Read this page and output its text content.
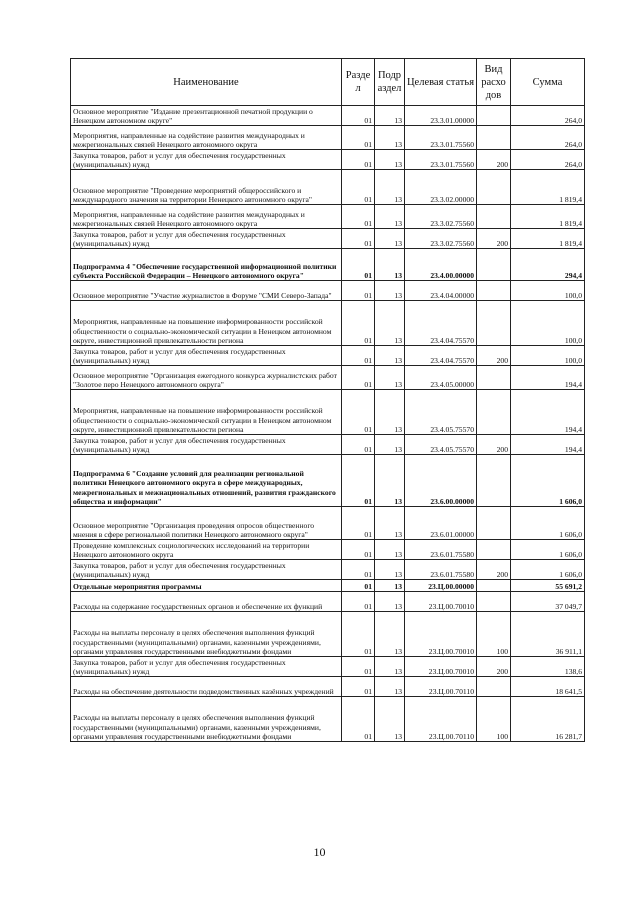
Наименование	Разде л	Подр аздел	Целевая статья	Вид расхо дов	Сумма
Основное мероприятие "Издание презентационной печатной продукции о Ненецком автономном округе"	01	13	23.3.01.00000		264,0
Мероприятия, направленные на содействие развития международных и межрегиональных связей Ненецкого автономного округа	01	13	23.3.01.75560		264,0
Закупка товаров, работ и услуг для обеспечения государственных (муниципальных) нужд	01	13	23.3.01.75560	200	264,0
Основное мероприятие "Проведение мероприятий общероссийского и международного значения на территории Ненецкого автономного округа"	01	13	23.3.02.00000		1 819,4
Мероприятия, направленные на содействие развития международных и межрегиональных связей Ненецкого автономного округа	01	13	23.3.02.75560		1 819,4
Закупка товаров, работ и услуг для обеспечения государственных (муниципальных) нужд	01	13	23.3.02.75560	200	1 819,4
Подпрограмма 4 "Обеспечение государственной информационной политики субъекта Российской Федерации – Ненецкого автономного округа"	01	13	23.4.00.00000		294,4
Основное мероприятие "Участие журналистов в Форуме "СМИ Северо-Запада"	01	13	23.4.04.00000		100,0
Мероприятия, направленные на повышение информированности российской общественности о социально-экономической ситуации в Ненецком автономном округе, инвестиционной привлекательности региона	01	13	23.4.04.75570		100,0
Закупка товаров, работ и услуг для обеспечения государственных (муниципальных) нужд	01	13	23.4.04.75570	200	100,0
Основное мероприятие "Организация ежегодного конкурса журналистских работ "Золотое перо Ненецкого автономного округа"	01	13	23.4.05.00000		194,4
Мероприятия, направленные на повышение информированности российской общественности о социально-экономической ситуации в Ненецком автономном округе, инвестиционной привлекательности региона	01	13	23.4.05.75570		194,4
Закупка товаров, работ и услуг для обеспечения государственных (муниципальных) нужд	01	13	23.4.05.75570	200	194,4
Подпрограмма 6 "Создание условий для реализации региональной политики Ненецкого автономного округа в сфере международных, межрегиональных и межнациональных отношений, развития гражданского общества и информации"	01	13	23.6.00.00000		1 606,0
Основное мероприятие "Организация проведения опросов общественного мнения в сфере региональной политики Ненецкого автономного округа"	01	13	23.6.01.00000		1 606,0
Проведение комплексных социологических исследований на территории Ненецкого автономного округа	01	13	23.6.01.75580		1 606,0
Закупка товаров, работ и услуг для обеспечения государственных (муниципальных) нужд	01	13	23.6.01.75580	200	1 606,0
Отдельные мероприятия программы	01	13	23.Ц.00.00000		55 691,2
Расходы на содержание государственных органов и обеспечение их функций	01	13	23.Ц.00.70010		37 049,7
Расходы на выплаты персоналу в целях обеспечения выполнения функций государственными (муниципальными) органами, казенными учреждениями, органами управления государственными внебюджетными фондами	01	13	23.Ц.00.70010	100	36 911,1
Закупка товаров, работ и услуг для обеспечения государственных (муниципальных) нужд	01	13	23.Ц.00.70010	200	138,6
Расходы на обеспечение деятельности подведомственных казённых учреждений	01	13	23.Ц.00.70110		18 641,5
Расходы на выплаты персоналу в целях обеспечения выполнения функций государственными (муниципальными) органами, казенными учреждениями, органами управления государственными внебюджетными фондами	01	13	23.Ц.00.70110	100	16 281,7
10
